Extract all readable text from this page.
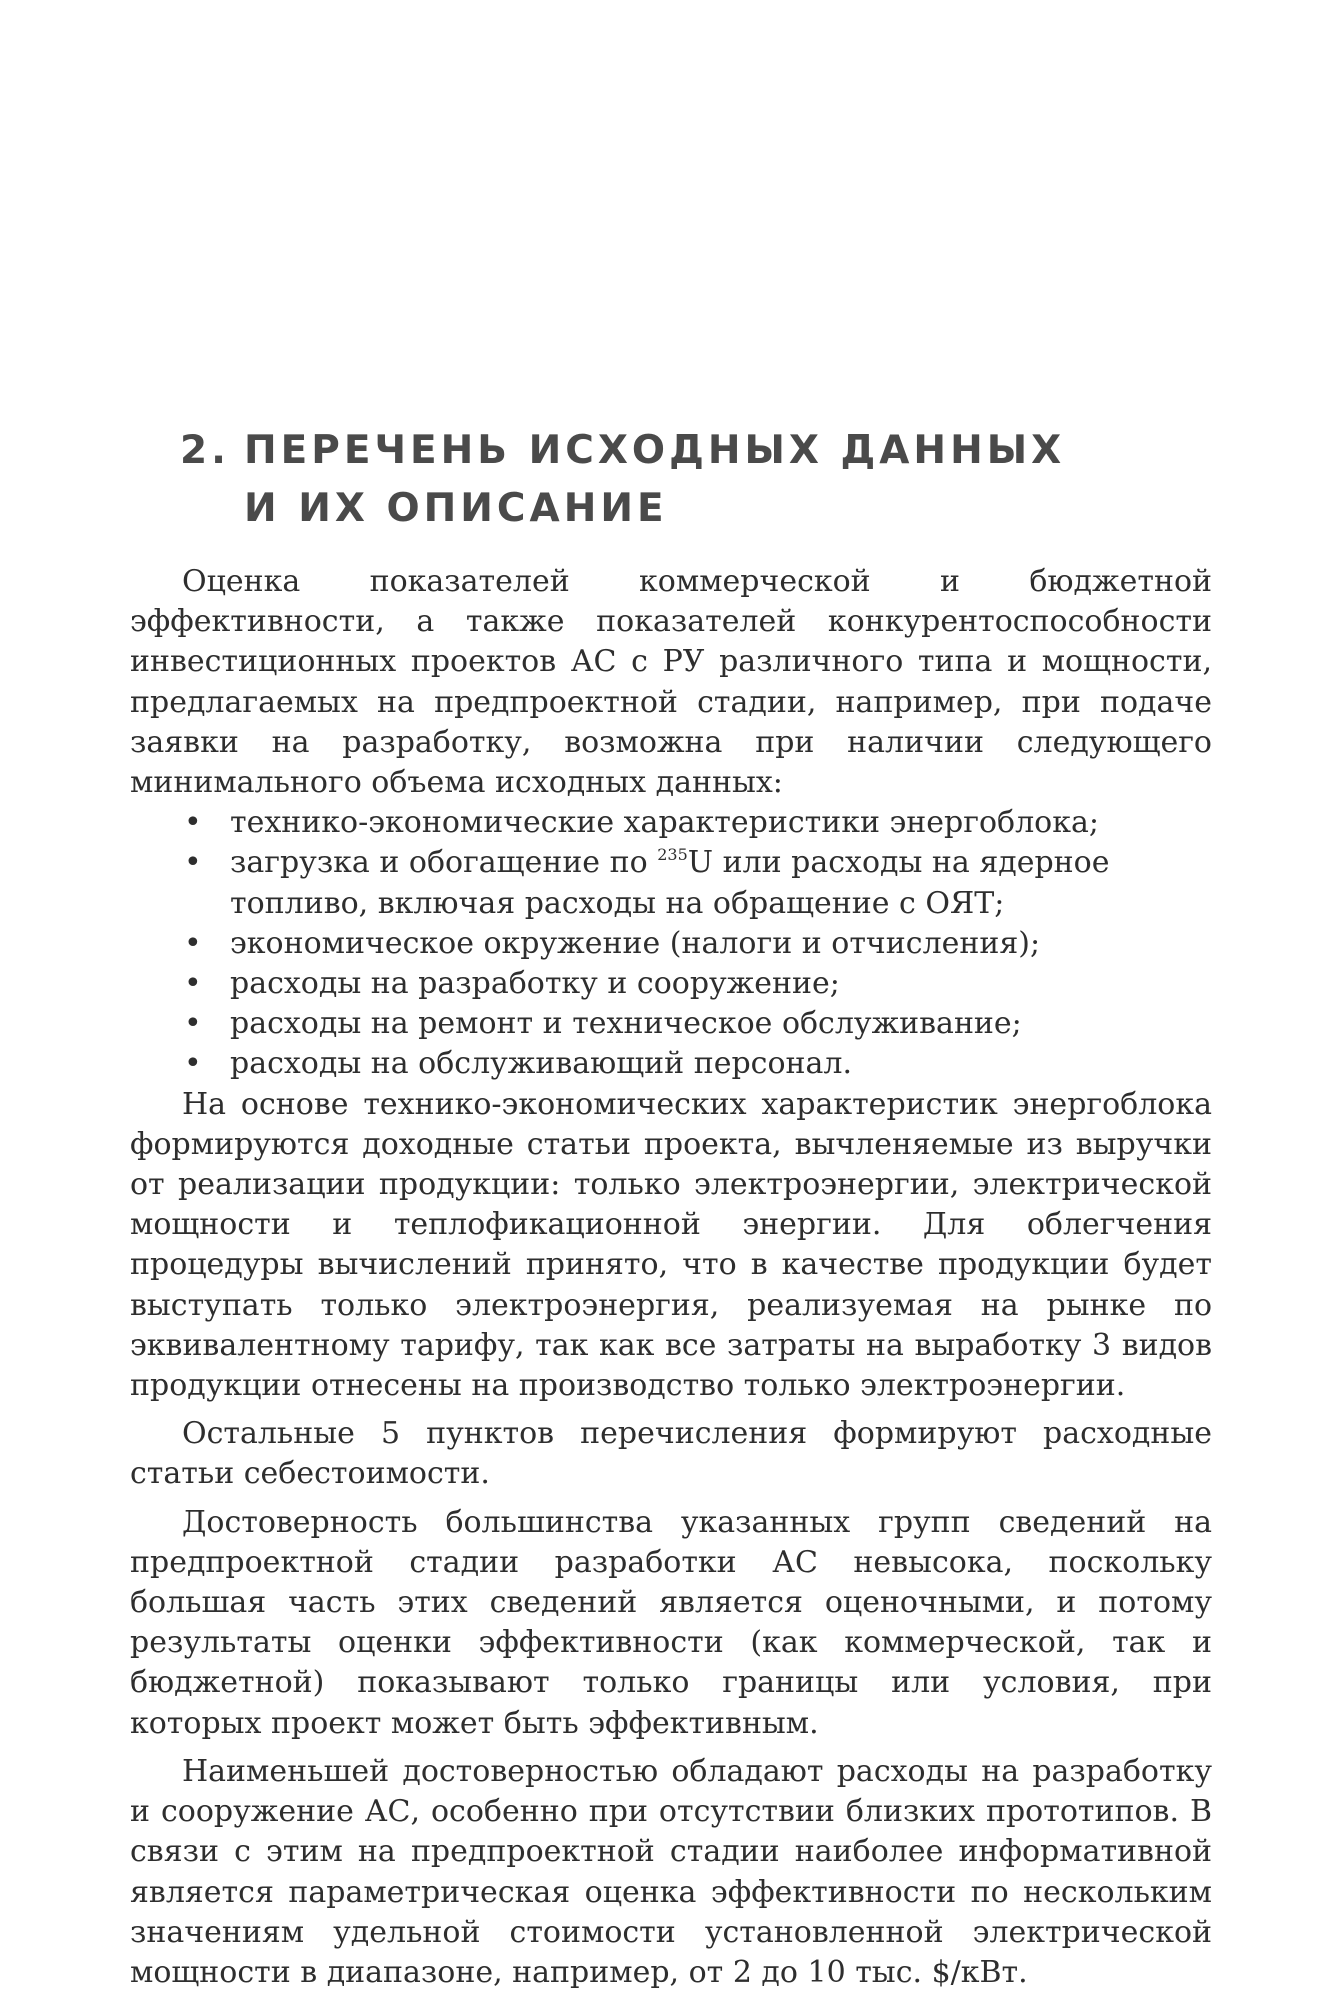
2. ПЕРЕЧЕНЬ ИСХОДНЫХ ДАННЫХ
И ИХ ОПИСАНИЕ

Оценка показателей коммерческой и бюджетной эффективности, а также показателей конкурентоспособности инвестиционных проектов АС с РУ различного типа и мощности, предлагаемых на предпроектной стадии, например, при подаче заявки на разработку, возможна при наличии следующего минимального объема исходных данных:

• технико-экономические характеристики энергоблока;
• загрузка и обогащение по $^{235}$U или расходы на ядерное топливо, включая расходы на обращение с ОЯТ;
• экономическое окружение (налоги и отчисления);
• расходы на разработку и сооружение;
• расходы на ремонт и техническое обслуживание;
• расходы на обслуживающий персонал.

На основе технико-экономических характеристик энергоблока формируются доходные статьи проекта, вычленяемые из выручки от реализации продукции: только электроэнергии, электрической мощности и теплофикационной энергии. Для облегчения процедуры вычислений принято, что в качестве продукции будет выступать только электроэнергия, реализуемая на рынке по эквивалентному тарифу, так как все затраты на выработку 3 видов продукции отнесены на производство только электроэнергии.

Остальные 5 пунктов перечисления формируют расходные статьи себестоимости.

Достоверность большинства указанных групп сведений на предпроектной стадии разработки АС невысока, поскольку большая часть этих сведений является оценочными, и потому результаты оценки эффективности (как коммерческой, так и бюджетной) показывают только границы или условия, при которых проект может быть эффективным.

Наименьшей достоверностью обладают расходы на разработку и сооружение АС, особенно при отсутствии близких прототипов. В связи с этим на предпроектной стадии наиболее информативной является параметрическая оценка эффективности по нескольким значениям удельной стоимости установленной электрической мощности в диапазоне, например, от 2 до 10 тыс. $/кВт.
